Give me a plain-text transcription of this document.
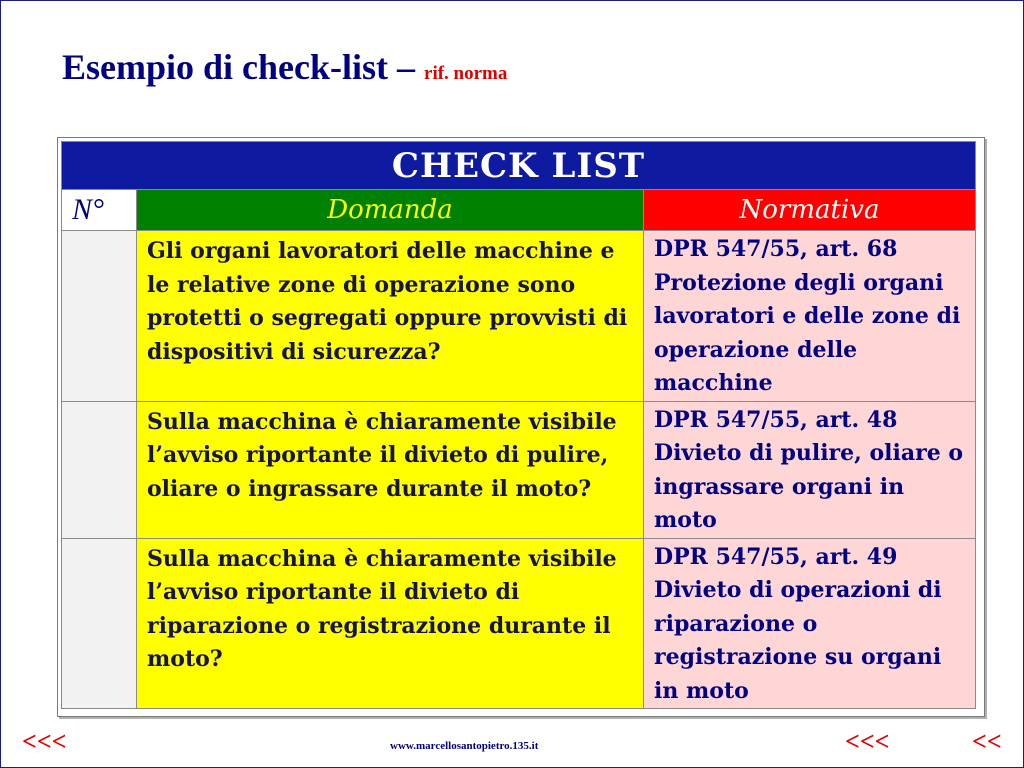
Esempio di check-list – rif. norma
CHECK LIST		
N°	Domanda	Normativa
	Gli organi lavoratori delle macchine e le relative zone di operazione sono protetti o segregati oppure provvisti di dispositivi di sicurezza?	DPR 547/55, art. 68
Protezione degli organi lavoratori e delle zone di operazione delle macchine

	Sulla macchina è chiaramente visibile l’avviso riportante il divieto di pulire, oliare o ingrassare durante il moto?	DPR 547/55, art. 48
Divieto di pulire, oliare o ingrassare organi in moto

	Sulla macchina è chiaramente visibile l’avviso riportante il divieto di riparazione o registrazione durante il moto?	DPR 547/55, art. 49
Divieto di operazioni di riparazione o registrazione su organi in moto
<<<	www.marcellosantopietro.135.it	<<<	<<
